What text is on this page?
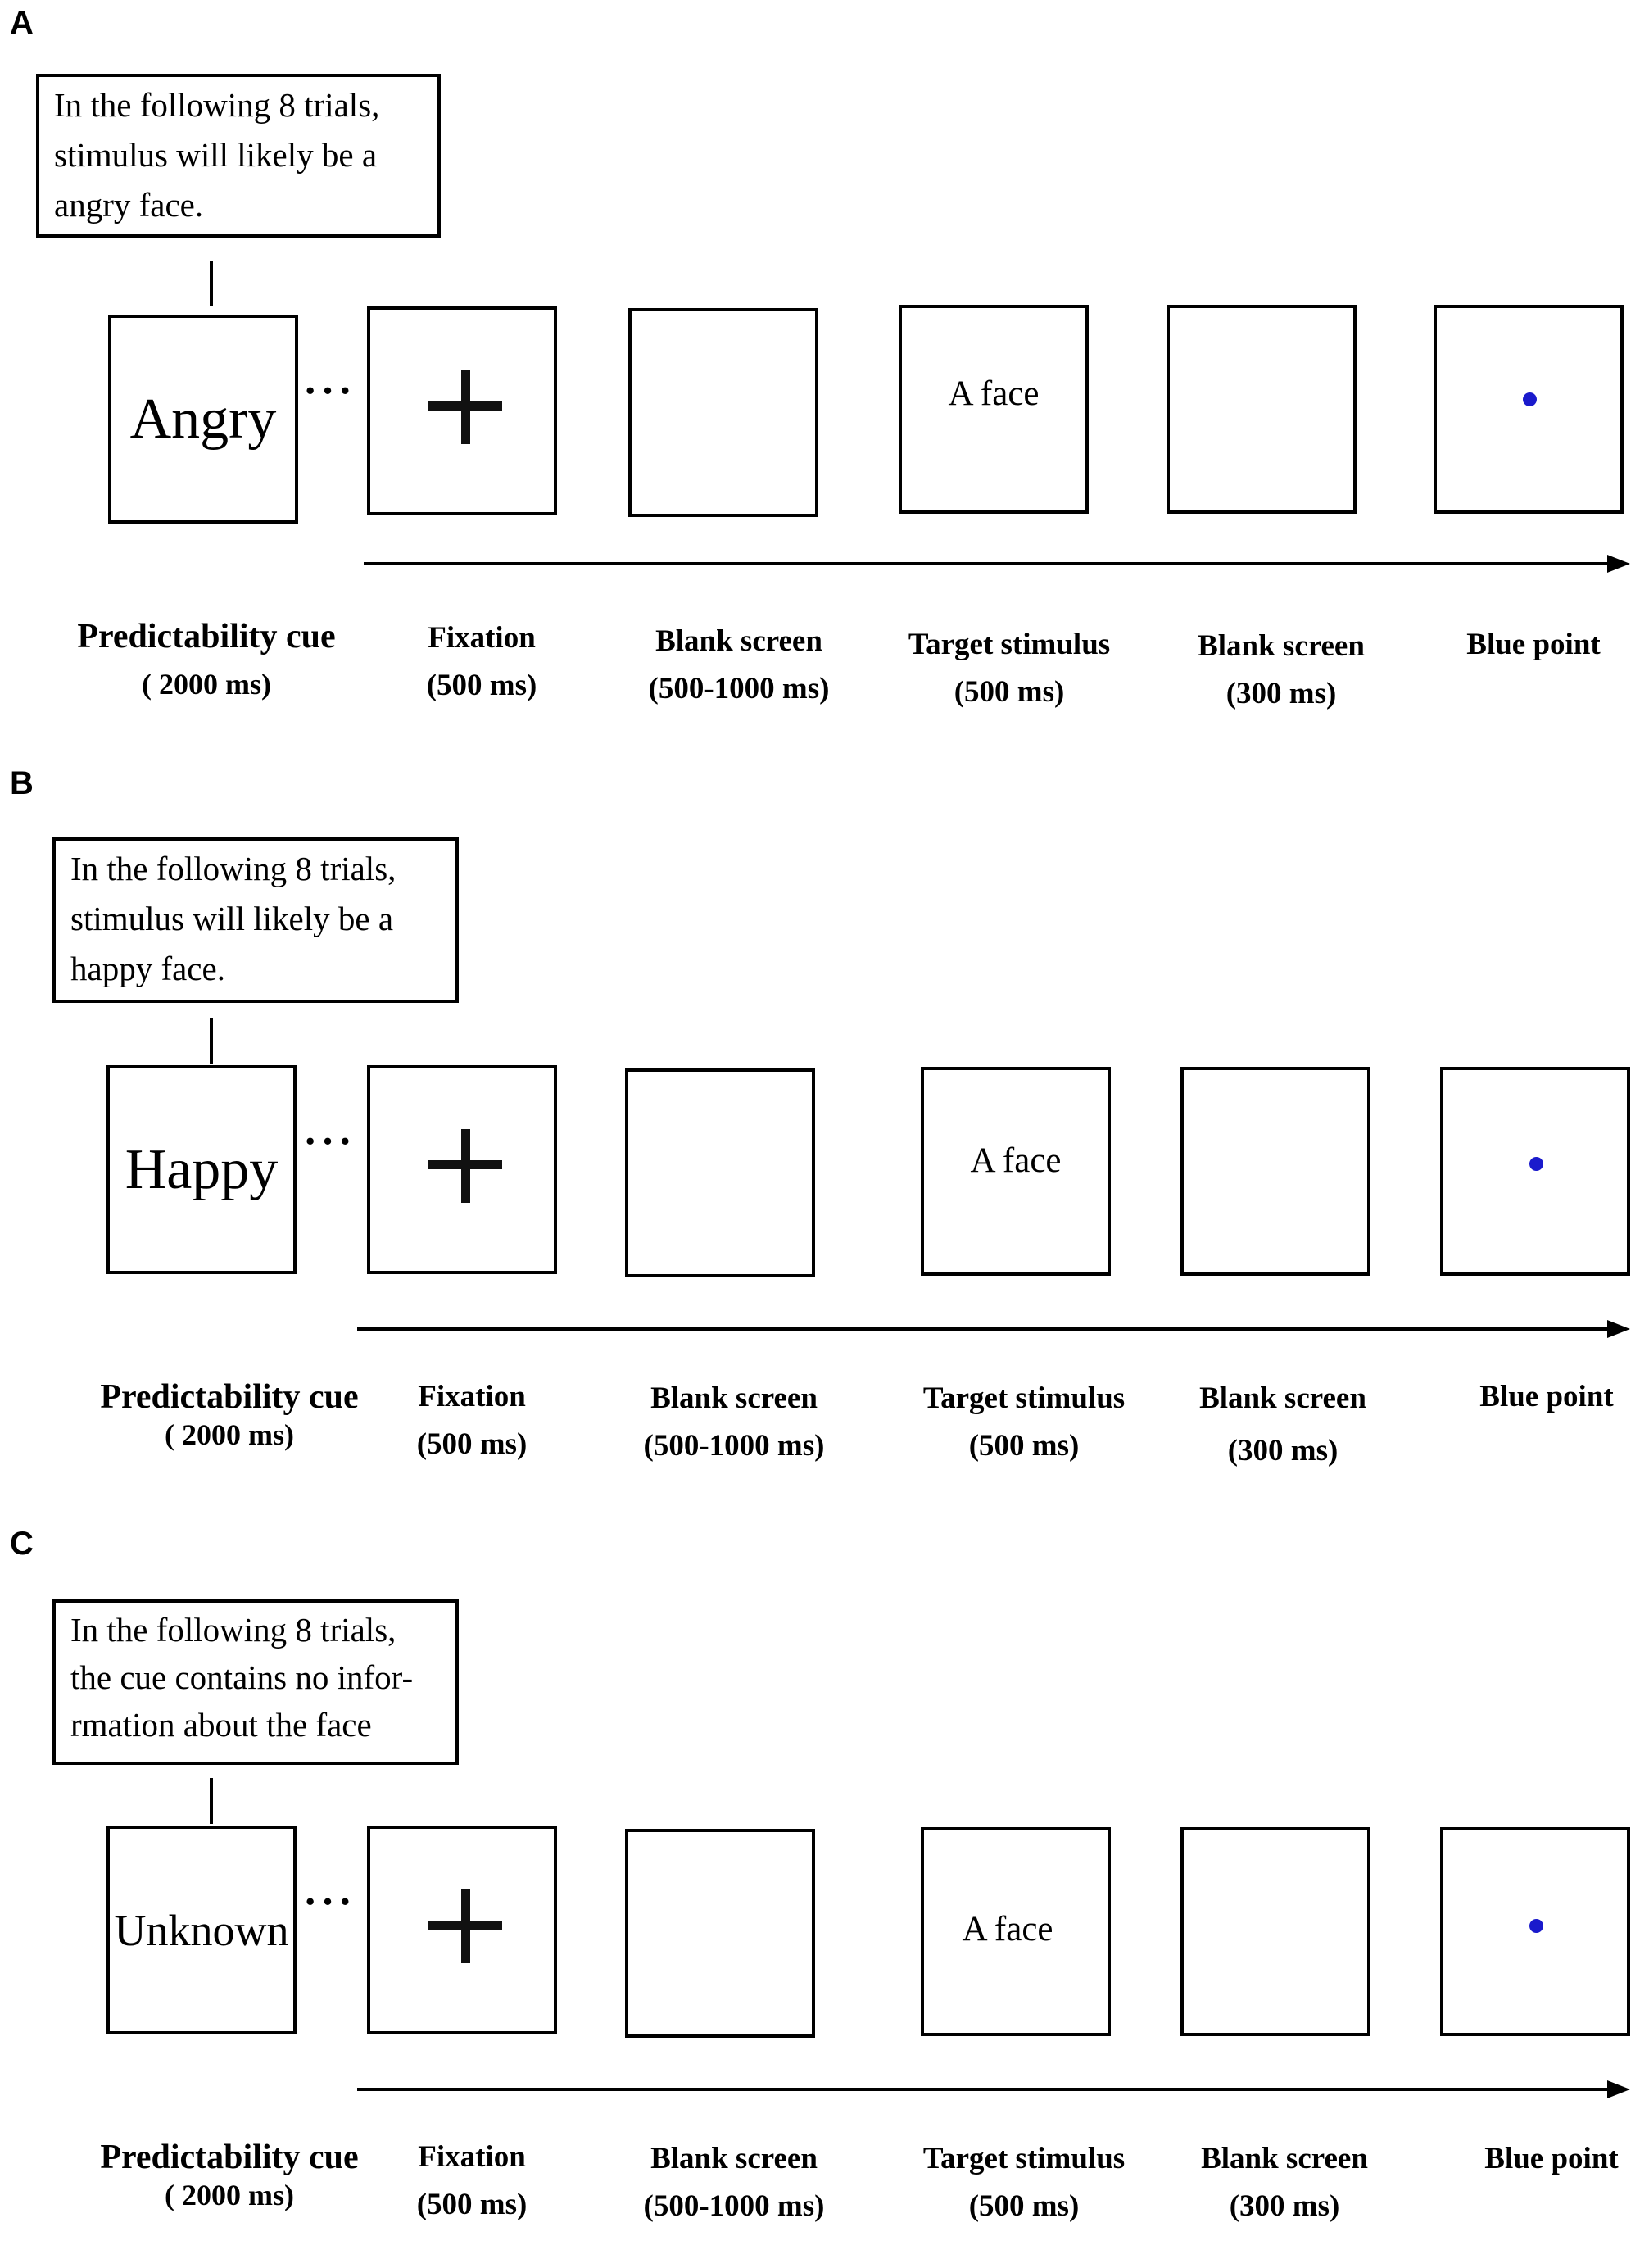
A
In the following 8 trials,
stimulus will likely be a
angry face.
Angry ···	A face
Predictability cue
( 2000 ms)
Fixation
(500 ms)
Blank screen
(500-1000 ms)
Target stimulus
(500 ms)
Blank screen
(300 ms)
Blue point
B
In the following 8 trials,
stimulus will likely be a
happy face.
Happy ···	A face
Predictability cue
( 2000 ms)
Fixation
(500 ms)
Blank screen
(500-1000 ms)
Target stimulus
(500 ms)
Blank screen
(300 ms)
Blue point
C
In the following 8 trials,
the cue contains no infor-
rmation about the face
Unknown
···
A face
Predictability cue
( 2000 ms)
Fixation
(500 ms)
Blank screen
(500-1000 ms)
Target stimulus
(500 ms)
Blank screen
(300 ms)
Blue point
